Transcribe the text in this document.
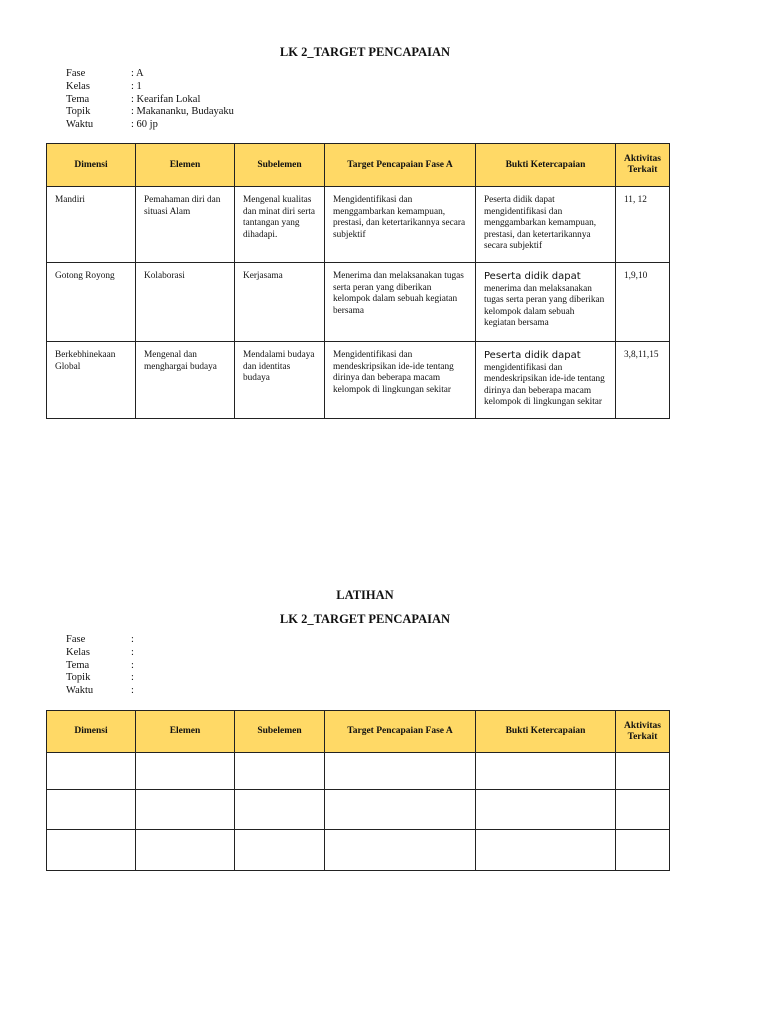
LK 2_TARGET PENCAPAIAN
Fase	: A
Kelas	: 1
Tema	: Kearifan Lokal
Topik	: Makananku, Budayaku
Waktu	: 60 jp
Dimensi	Elemen	Subelemen	Target Pencapaian Fase A	Bukti Ketercapaian	Aktivitas Terkait
Mandiri	Pemahaman diri dan situasi Alam	Mengenal kualitas dan minat diri serta tantangan yang dihadapi.	Mengidentifikasi dan menggambarkan kemampuan, prestasi, dan ketertarikannya secara subjektif	Peserta didik dapat mengidentifikasi dan menggambarkan kemampuan, prestasi, dan ketertarikannya secara subjektif	11, 12
Gotong Royong	Kolaborasi	Kerjasama	Menerima dan melaksanakan tugas serta peran yang diberikan kelompok dalam sebuah kegiatan bersama	Peserta didik dapat menerima dan melaksanakan tugas serta peran yang diberikan kelompok dalam sebuah kegiatan bersama	1,9,10
Berkebhinekaan Global	Mengenal dan menghargai budaya	Mendalami budaya dan identitas budaya	Mengidentifikasi dan mendeskripsikan ide-ide tentang dirinya dan beberapa macam kelompok di lingkungan sekitar	Peserta didik dapat mengidentifikasi dan mendeskripsikan ide-ide tentang dirinya dan beberapa macam kelompok di lingkungan sekitar	3,8,11,15
LATIHAN
LK 2_TARGET PENCAPAIAN
Fase	:
Kelas	:
Tema	:
Topik	:
Waktu	:
Dimensi	Elemen	Subelemen	Target Pencapaian Fase A	Bukti Ketercapaian	Aktivitas Terkait
